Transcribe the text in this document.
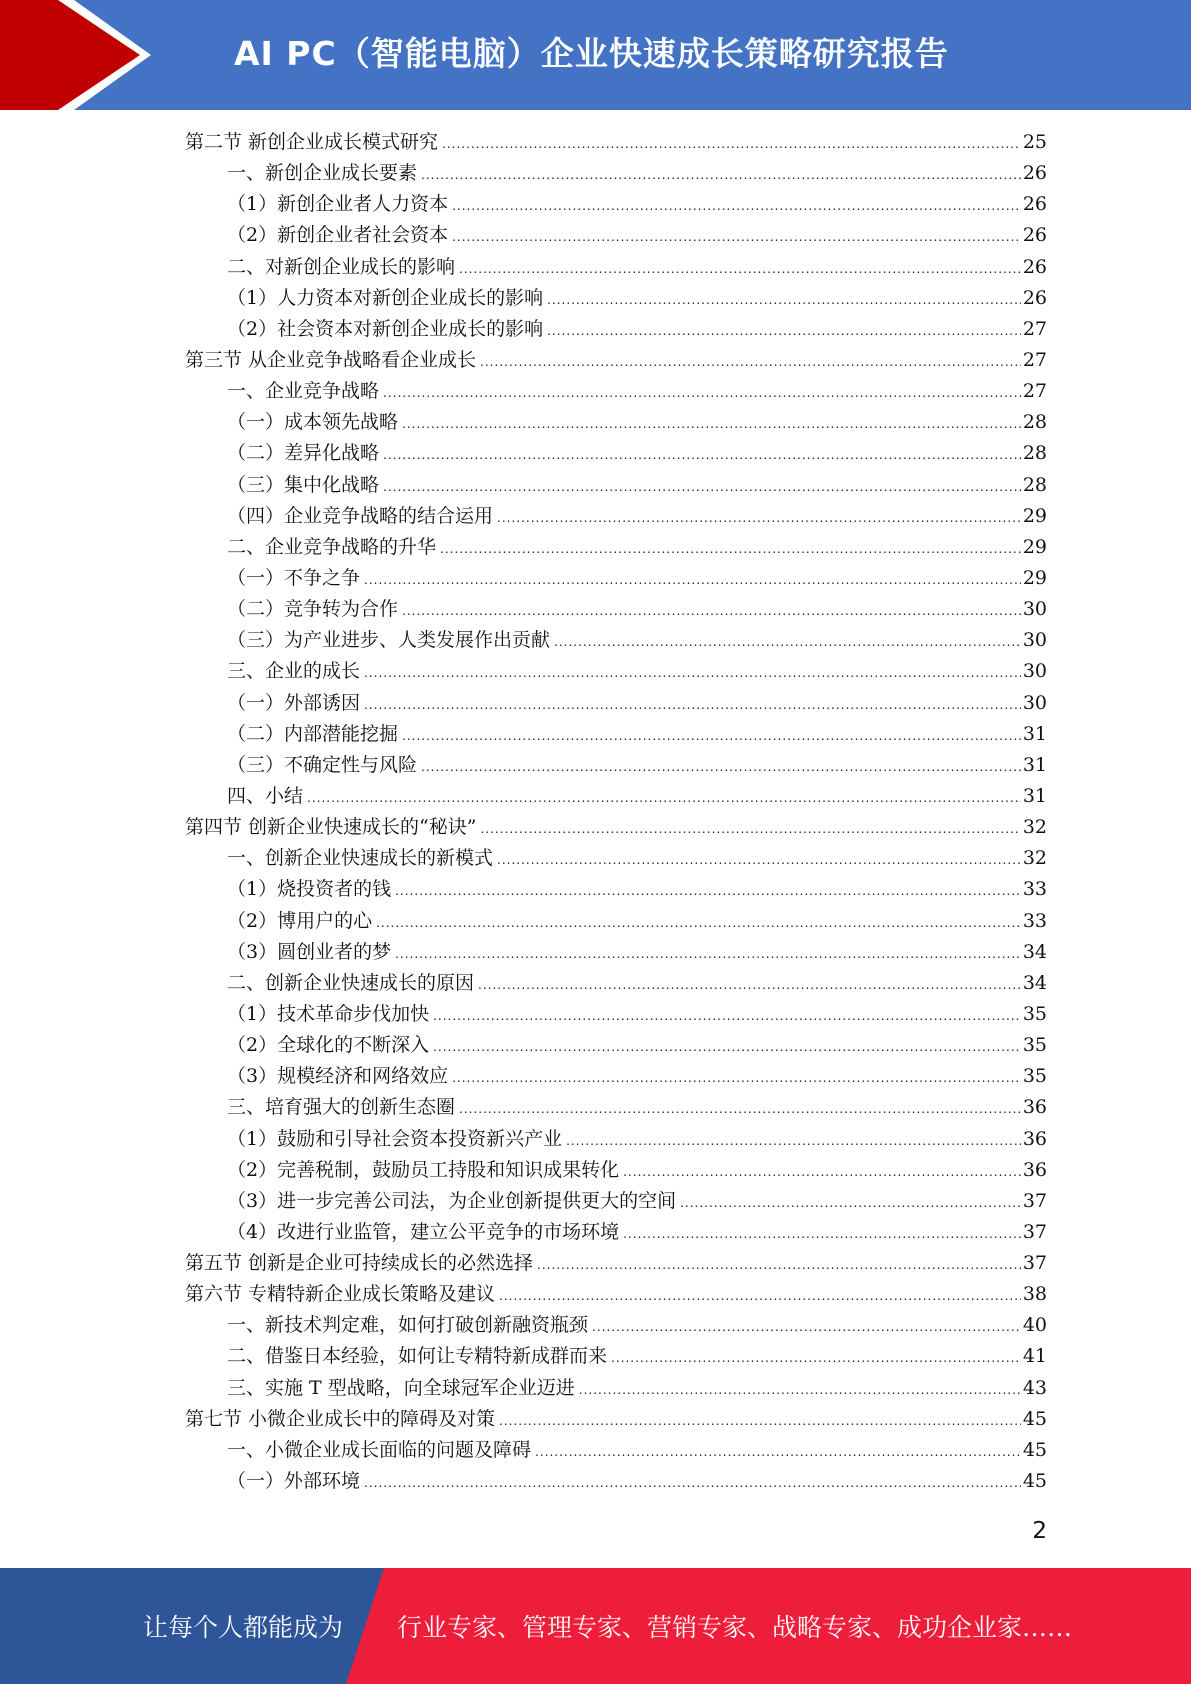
AI PC（智能电脑）企业快速成长策略研究报告
第二节 新创企业成长模式研究 .....	25
一、新创企业成长要素 .....	26
（1）新创企业者人力资本 .....	26
（2）新创企业者社会资本 .....	26
二、对新创企业成长的影响 .....	26
（1）人力资本对新创企业成长的影响 .....	26
（2）社会资本对新创企业成长的影响 .....	27
第三节 从企业竞争战略看企业成长 .....	27
一、企业竞争战略 .....	27
（一）成本领先战略 .....	28
（二）差异化战略 .....	28
（三）集中化战略 .....	28
（四）企业竞争战略的结合运用 .....	29
二、企业竞争战略的升华 .....	29
（一）不争之争 .....	29
（二）竞争转为合作 .....	30
（三）为产业进步、人类发展作出贡献 .....	30
三、企业的成长 .....	30
（一）外部诱因 .....	30
（二）内部潜能挖掘 .....	31
（三）不确定性与风险 .....	31
四、小结 .....	31
第四节 创新企业快速成长的“秘诀” .....	32
一、创新企业快速成长的新模式 .....	32
（1）烧投资者的钱 .....	33
（2）博用户的心 .....	33
（3）圆创业者的梦 .....	34
二、创新企业快速成长的原因 .....	34
（1）技术革命步伐加快 .....	35
（2）全球化的不断深入 .....	35
（3）规模经济和网络效应 .....	35
三、培育强大的创新生态圈 .....	36
（1）鼓励和引导社会资本投资新兴产业 .....	36
（2）完善税制，鼓励员工持股和知识成果转化 .....	36
（3）进一步完善公司法，为企业创新提供更大的空间 .....	37
（4）改进行业监管，建立公平竞争的市场环境 .....	37
第五节 创新是企业可持续成长的必然选择 .....	37
第六节 专精特新企业成长策略及建议 .....	38
一、新技术判定难，如何打破创新融资瓶颈 .....	40
二、借鉴日本经验，如何让专精特新成群而来 .....	41
三、实施 T 型战略，向全球冠军企业迈进 .....	43
第七节 小微企业成长中的障碍及对策 .....	45
一、小微企业成长面临的问题及障碍 .....	45
（一）外部环境 .....	45
2
让每个人都能成为 行业专家、管理专家、营销专家、战略专家、成功企业家……
